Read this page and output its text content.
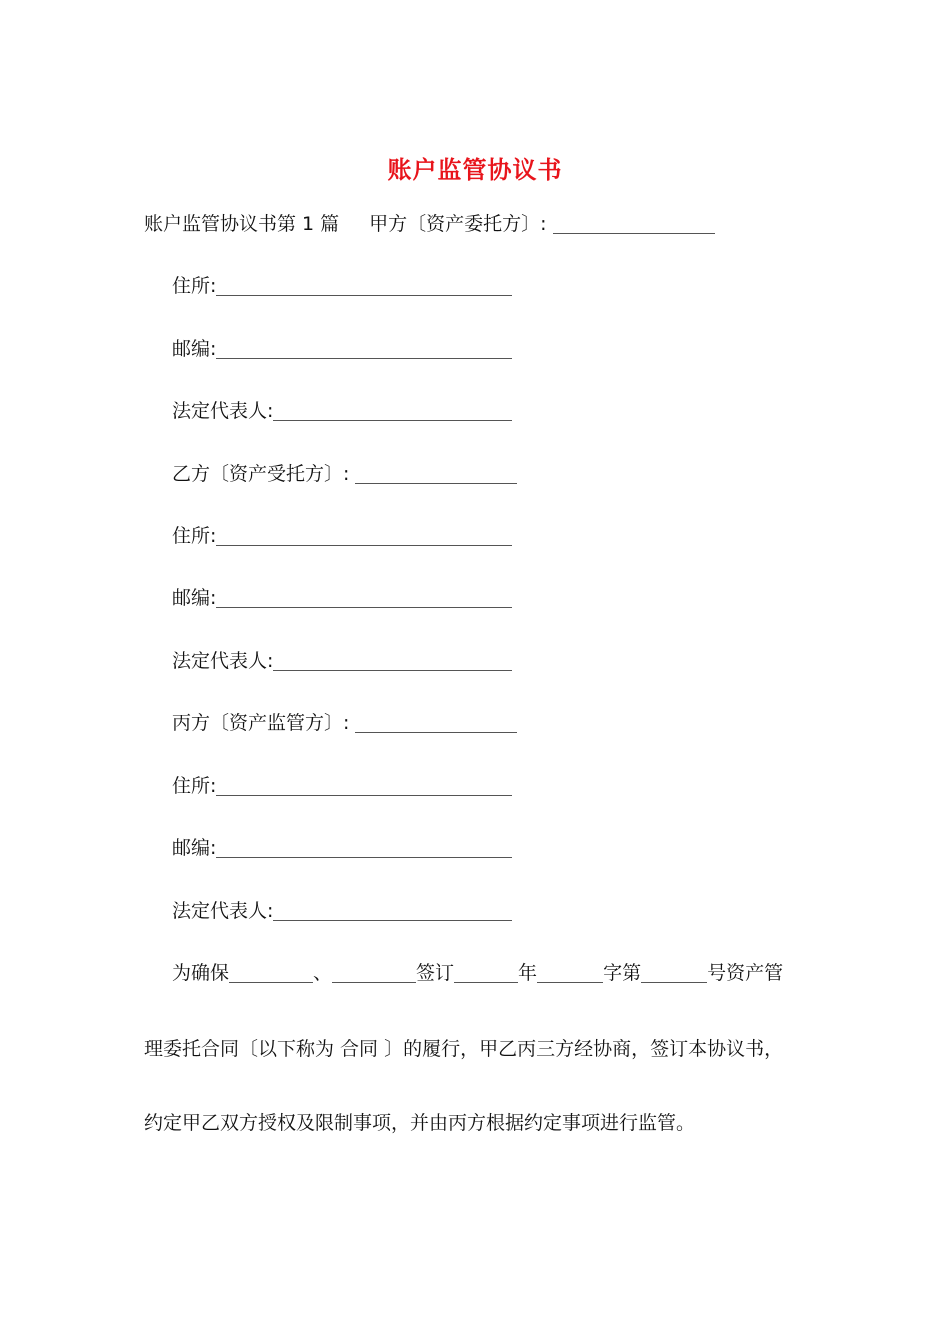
账户监管协议书
账户监管协议书第 1 篇 甲方〔资产委托方〕:
住所:
邮编:
法定代表人:
乙方〔资产受托方〕:
住所:
邮编:
法定代表人:
丙方〔资产监管方〕:
住所:
邮编:
法定代表人:
为确保	、	签订	年	字第	号资产管
理委托合同〔以下称为 合同 〕的履行，甲乙丙三方经协商，签订本协议书，
约定甲乙双方授权及限制事项，并由丙方根据约定事项进行监管。
